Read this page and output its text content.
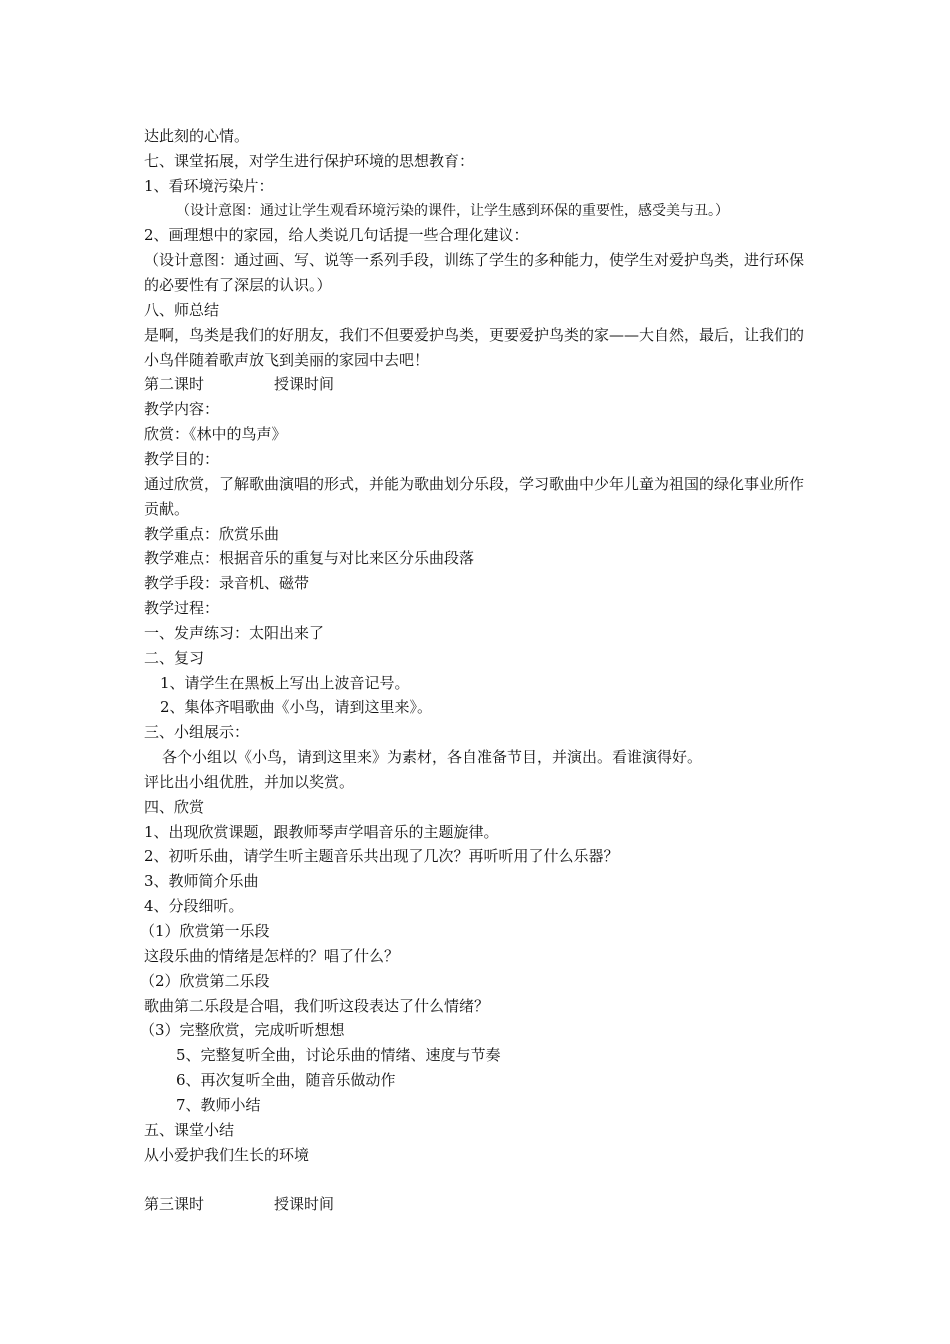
达此刻的心情。
七、课堂拓展，对学生进行保护环境的思想教育：
1、看环境污染片：
（设计意图：通过让学生观看环境污染的课件，让学生感到环保的重要性，感受美与丑。）
2、画理想中的家园，给人类说几句话提一些合理化建议：
（设计意图：通过画、写、说等一系列手段，训练了学生的多种能力，使学生对爱护鸟类，进行环保的必要性有了深层的认识。）
八、师总结
是啊，鸟类是我们的好朋友，我们不但要爱护鸟类，更要爱护鸟类的家——大自然，最后，让我们的小鸟伴随着歌声放飞到美丽的家园中去吧！
第二课时	授课时间
教学内容：
欣赏：《林中的鸟声》
教学目的：
通过欣赏，了解歌曲演唱的形式，并能为歌曲划分乐段，学习歌曲中少年儿童为祖国的绿化事业所作贡献。
教学重点：欣赏乐曲
教学难点：根据音乐的重复与对比来区分乐曲段落
教学手段：录音机、磁带
教学过程：
一、发声练习：太阳出来了
二、复习
1、请学生在黑板上写出上波音记号。
2、集体齐唱歌曲《小鸟，请到这里来》。
三、小组展示：
各个小组以《小鸟，请到这里来》为素材，各自准备节目，并演出。看谁演得好。
评比出小组优胜，并加以奖赏。
四、欣赏
1、出现欣赏课题，跟教师琴声学唱音乐的主题旋律。
2、初听乐曲，请学生听主题音乐共出现了几次？再听听用了什么乐器？
3、教师简介乐曲
4、分段细听。
（1）欣赏第一乐段
这段乐曲的情绪是怎样的？唱了什么？
（2）欣赏第二乐段
歌曲第二乐段是合唱，我们听这段表达了什么情绪？
（3）完整欣赏，完成听听想想
5、完整复听全曲，讨论乐曲的情绪、速度与节奏
6、再次复听全曲，随音乐做动作
7、教师小结
五、课堂小结
从小爱护我们生长的环境
第三课时	授课时间
